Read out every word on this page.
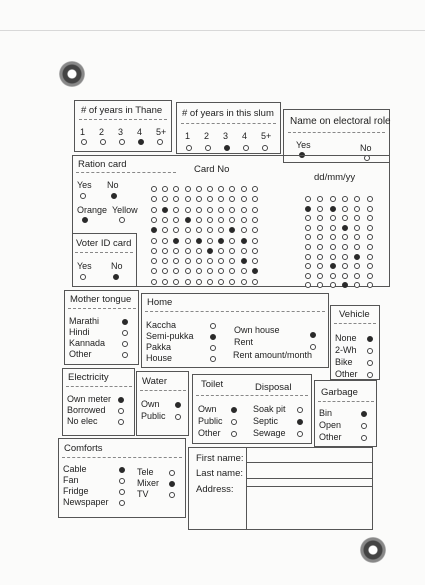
# of years in Thane
1 2 3 4 5+
# of years in this slum
1 2 3 4 5+
Name on electoral role
Yes	No
Ration card	Card No
dd/mm/yy
Yes No
Orange Yellow
Voter ID card
Yes No
Mother tongue
Marathi
Hindi
Kannada
Other
Home
Kaccha
Semi-pukka
Pakka
House
Own house
Rent
Rent amount/month
Vehicle
None
2-Wh
Bike
Other
Electricity
Own meter
Borrowed
No elec
Water
Own
Public
Toilet	Disposal
Own
Public
Other
Soak pit
Septic
Sewage
Garbage
Bin
Open
Other
Comforts
Cable
Fan
Fridge
Newspaper
Tele
Mixer
TV
First name:
Last name:
Address:
